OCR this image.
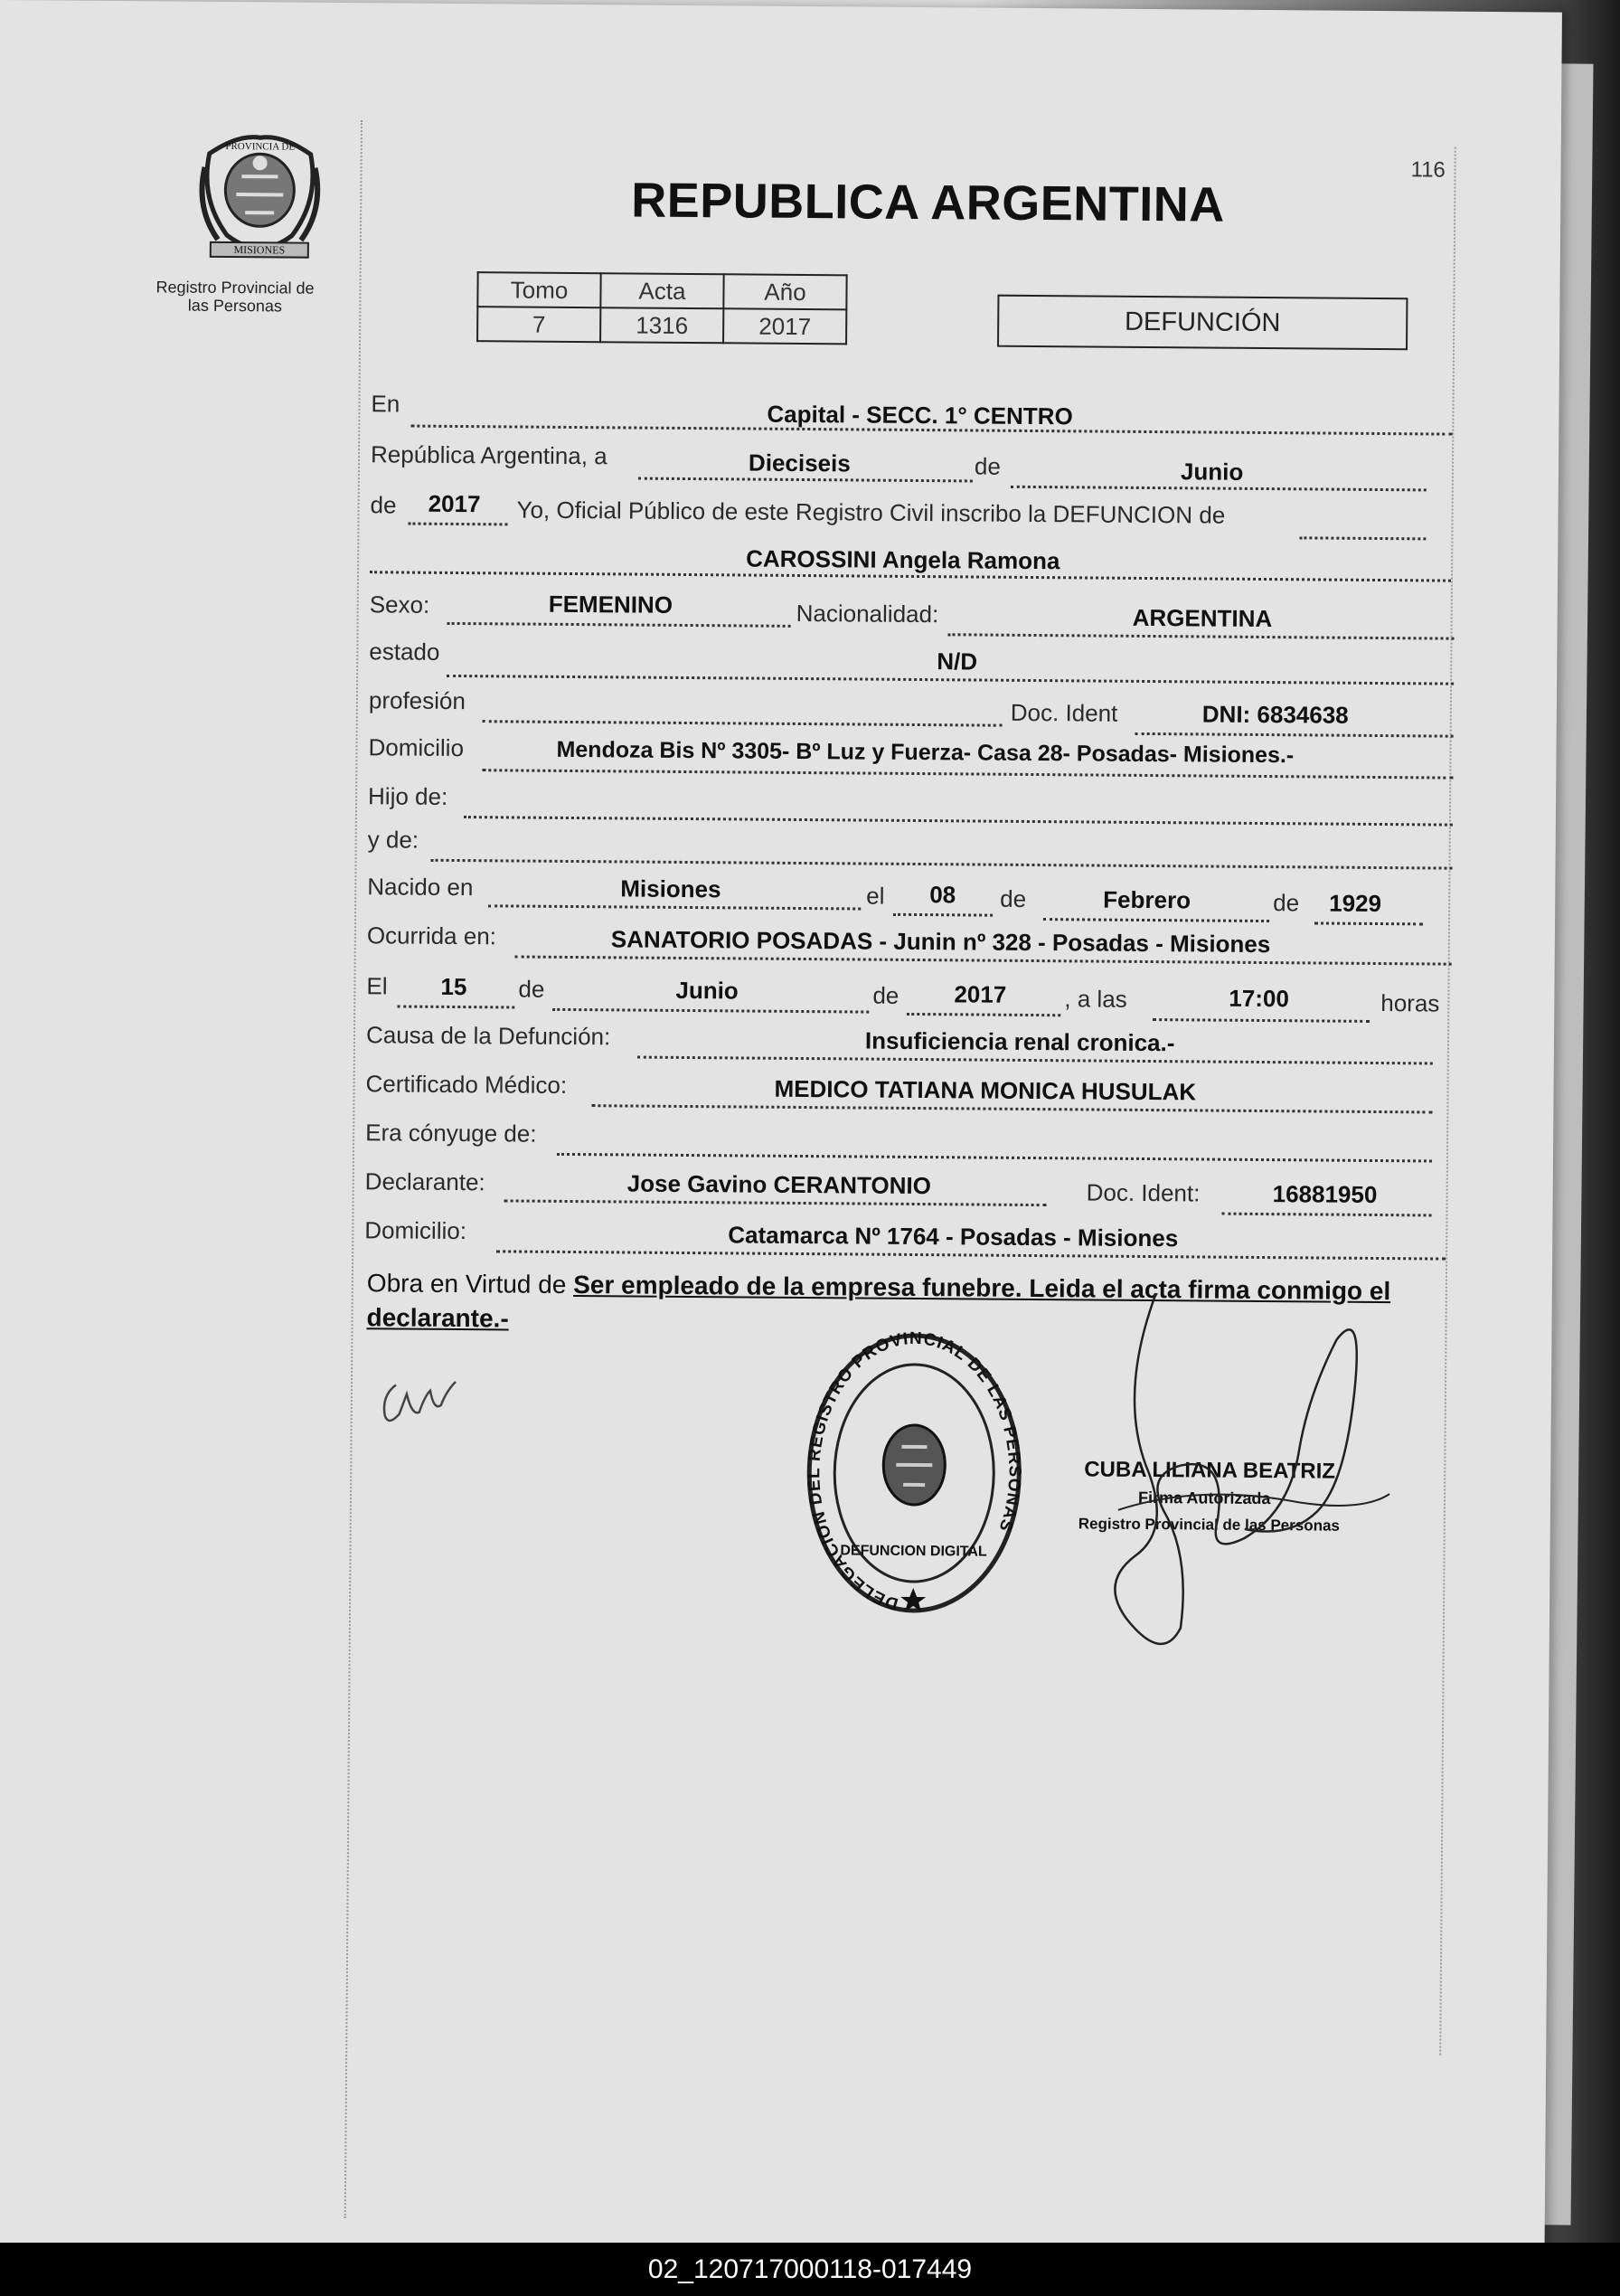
116
MISIONES
PROVINCIA DE
Registro Provincial de
las Personas
REPUBLICA ARGENTINA
Tomo	Acta	Año
7	1316	2017	DEFUNCIÓN
En	Capital - SECC. 1° CENTRO
República Argentina, a	Dieciseis	de	Junio
de 2017 Yo, Oficial Público de este Registro Civil inscribo la DEFUNCION de
CAROSSINI Angela Ramona
Sexo:	FEMENINO	Nacionalidad:	ARGENTINA
estado	N/D
profesión	Doc. Ident	DNI: 6834638
Domicilio	Mendoza Bis Nº 3305- Bº Luz y Fuerza- Casa 28- Posadas- Misiones.-
Hijo de:
y de:
Nacido en	Misiones	el 08 de	Febrero	de 1929
Ocurrida en:	SANATORIO POSADAS - Junin nº 328 - Posadas - Misiones
El 15 de	Junio	de 2017 , a las	17:00	horas
Causa de la Defunción:	Insuficiencia renal cronica.-
Certificado Médico:	MEDICO TATIANA MONICA HUSULAK
Era cónyuge de:
Declarante:	Jose Gavino CERANTONIO	Doc. Ident:	16881950
Domicilio:	Catamarca Nº 1764 - Posadas - Misiones
Obra en Virtud de Ser empleado de la empresa funebre. Leida el acta firma conmigo el declarante.-
DELEGACION DEL REGISTRO PROVINCIAL DE LAS PERSONAS
DEFUNCION DIGITAL
CUBA LILIANA BEATRIZ
Firma Autorizada
Registro Provincial de las Personas
02_120717000118-017449
